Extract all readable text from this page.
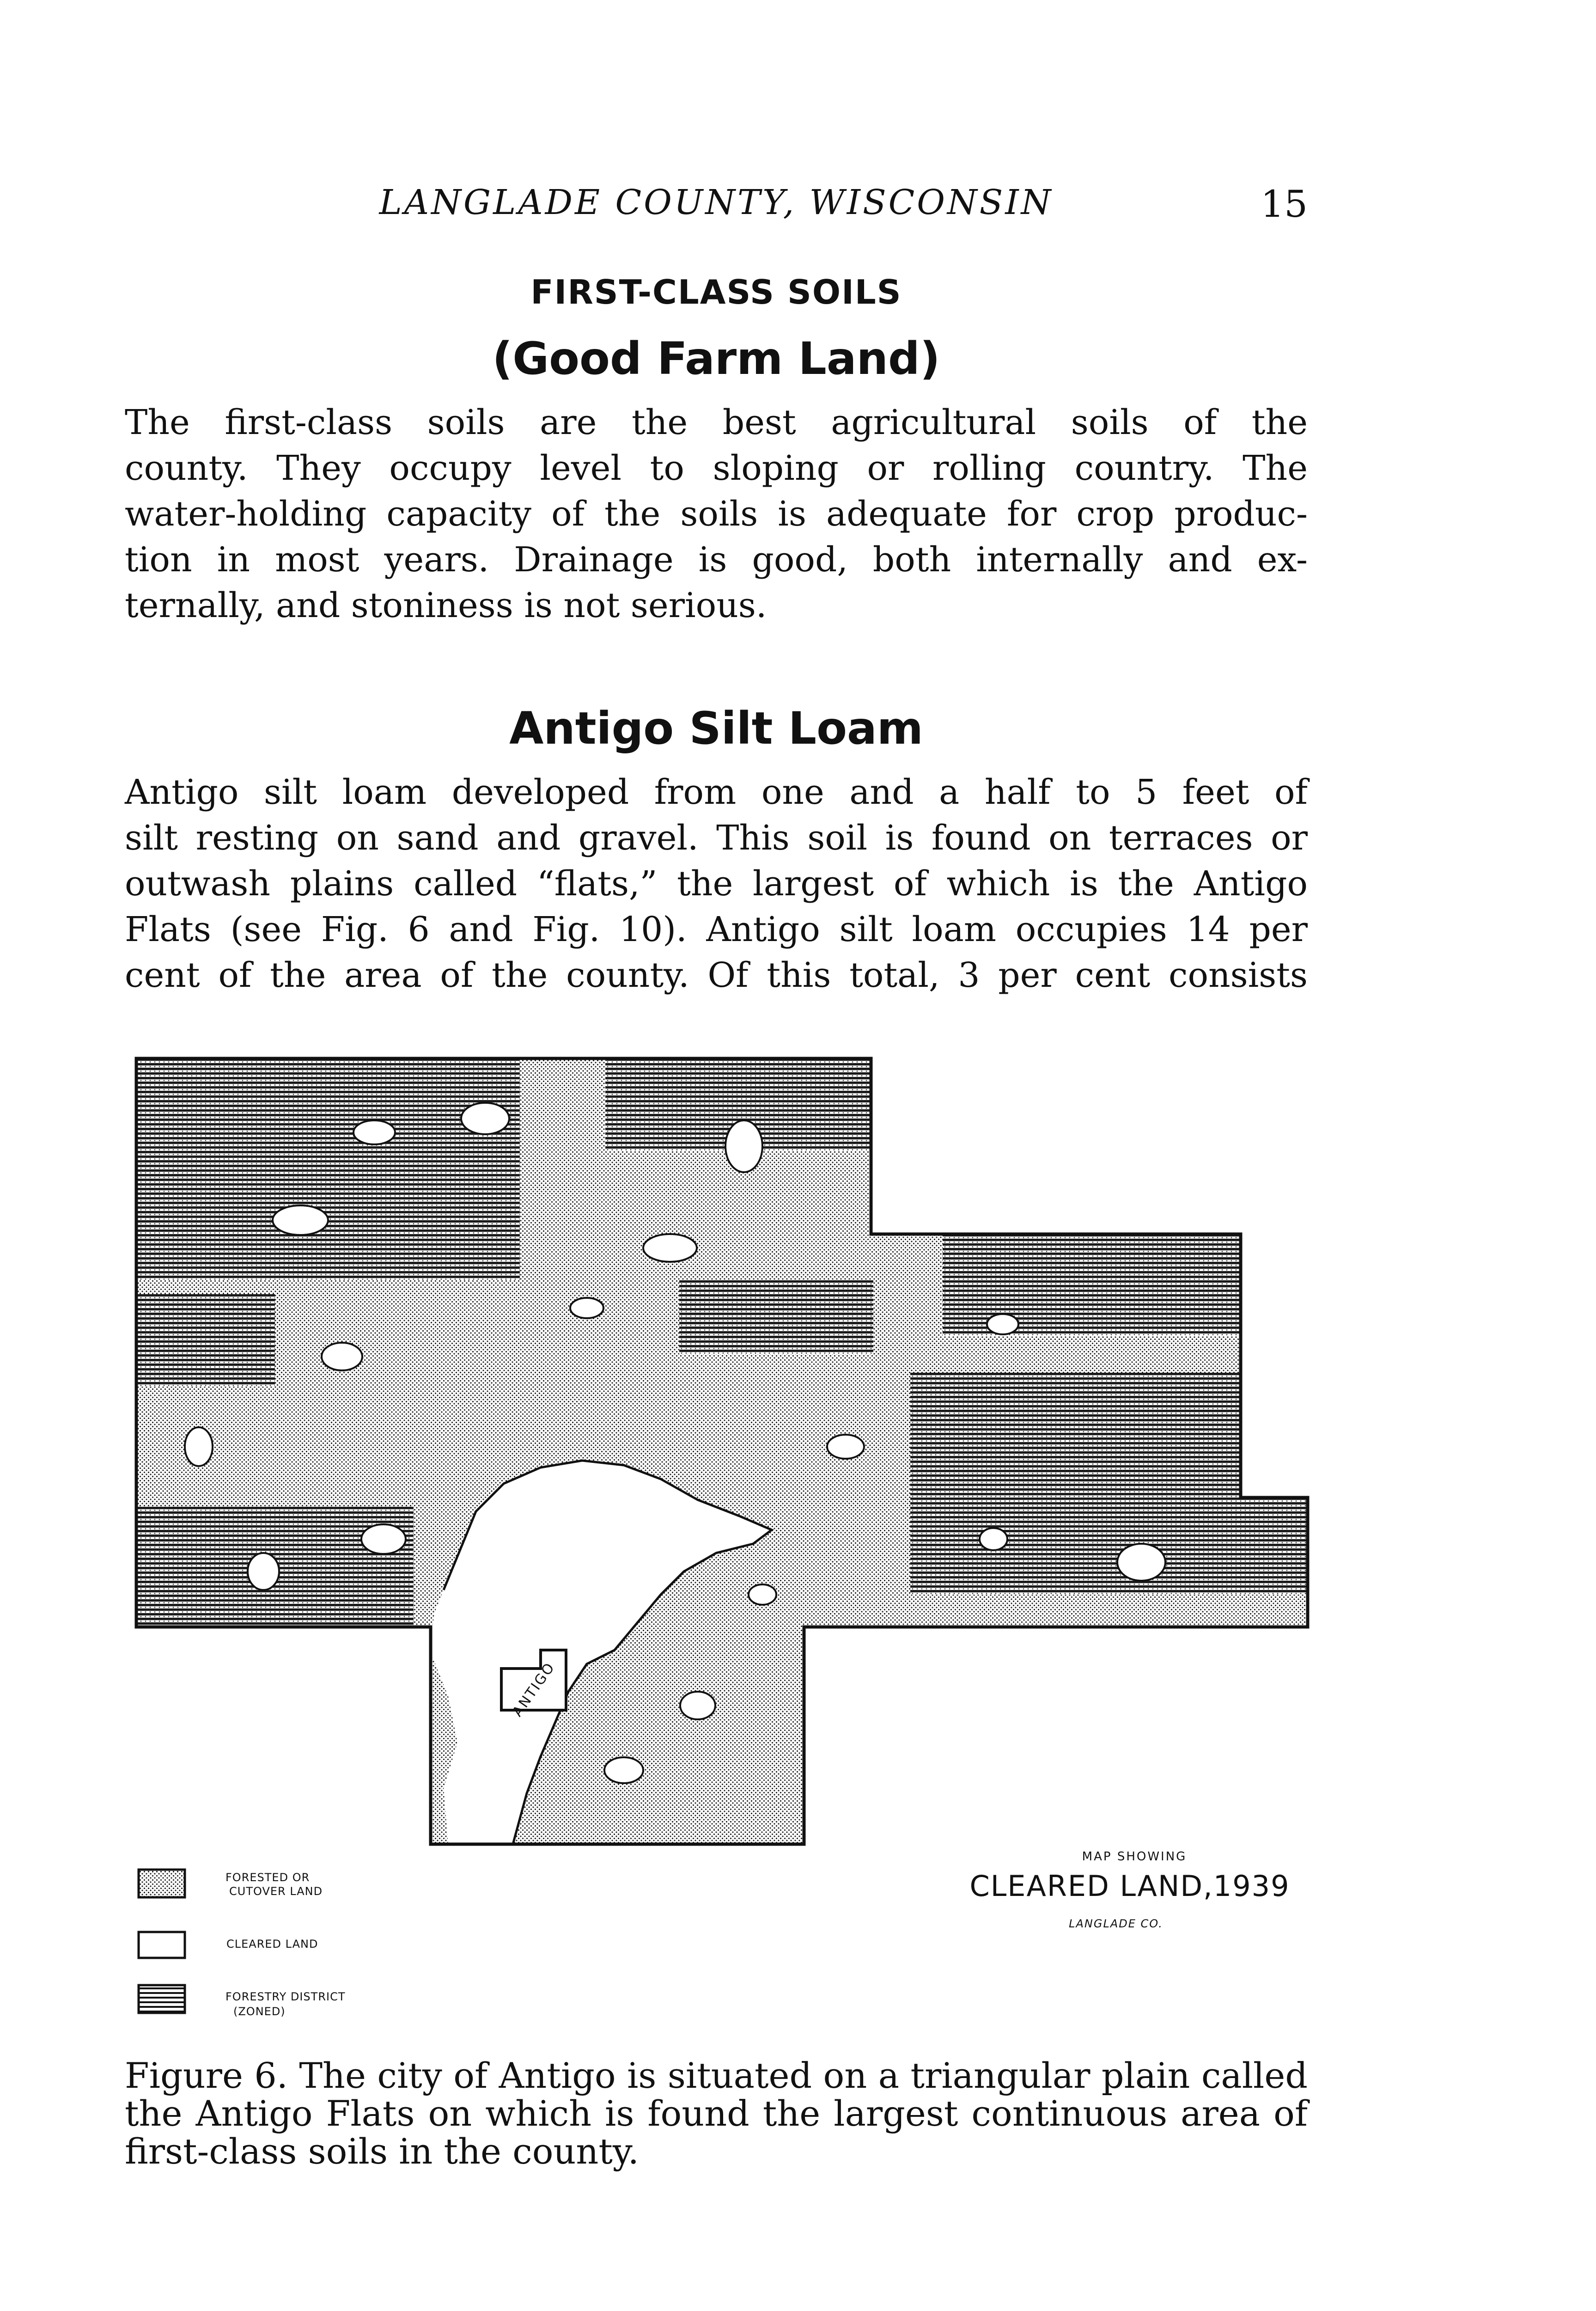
LANGLADE COUNTY, WISCONSIN	15
FIRST-CLASS SOILS
(Good Farm Land)
The first-class soils are the best agricultural soils of the
county. They occupy level to sloping or rolling country. The
water-holding capacity of the soils is adequate for crop produc-
tion in most years. Drainage is good, both internally and ex-
ternally, and stoniness is not serious.
Antigo Silt Loam
Antigo silt loam developed from one and a half to 5 feet of
silt resting on sand and gravel. This soil is found on terraces or
outwash plains called “flats,” the largest of which is the Antigo
Flats (see Fig. 6 and Fig. 10). Antigo silt loam occupies 14 per
cent of the area of the county. Of this total, 3 per cent consists
ANTIGO
FORESTED OR
CUTOVER LAND
CLEARED LAND
FORESTRY DISTRICT
(ZONED)
MAP SHOWING
CLEARED LAND,1939
LANGLADE CO.
Figure 6. The city of Antigo is situated on a triangular plain called the Antigo Flats on which is found the largest continuous area of first-class soils in the county.
